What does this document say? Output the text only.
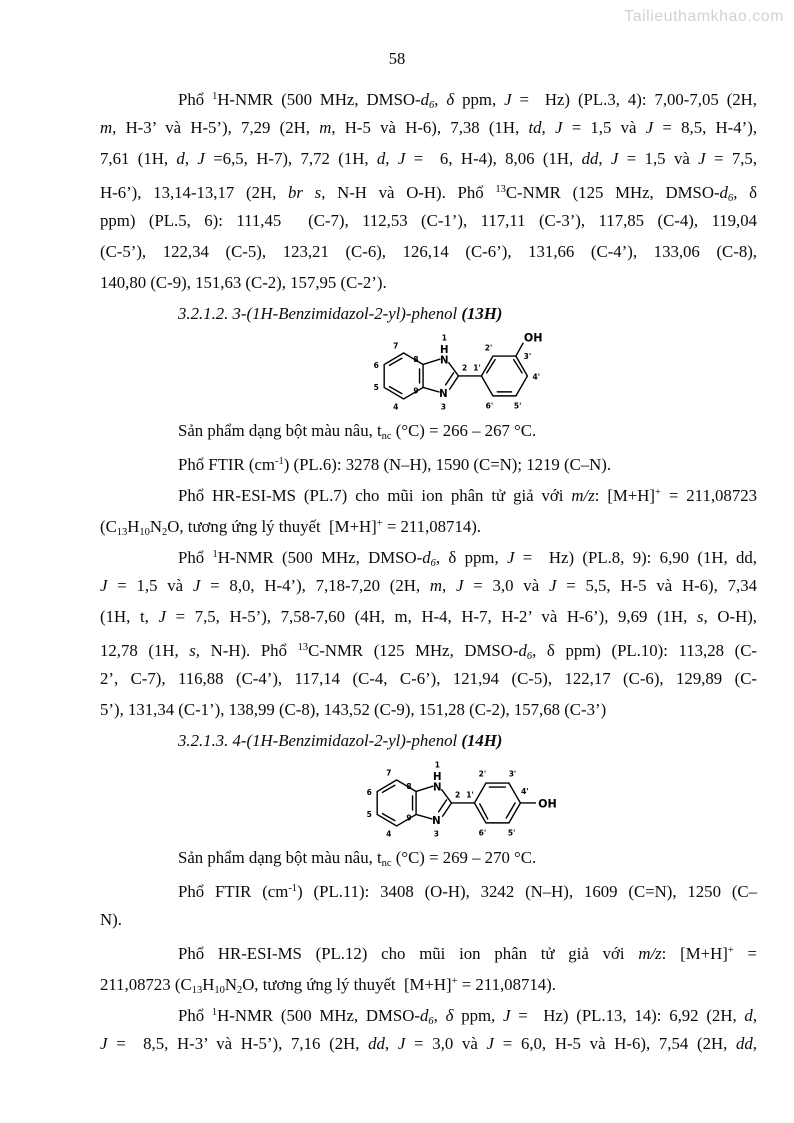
Tailieuthamkhao.com
58
Phổ $^1$H-NMR (500 MHz, DMSO-d6, δ ppm, J =  Hz) (PL.3, 4): 7,00-7,05 (2H,
m, H-3’ và H-5’), 7,29 (2H, m, H-5 và H-6), 7,38 (1H, td, J = 1,5 và J = 8,5, H-4’),
7,61 (1H, d, J =6,5, H-7), 7,72 (1H, d, J =  6, H-4), 8,06 (1H, dd, J = 1,5 và J = 7,5,
H-6’), 13,14-13,17 (2H, br s, N-H và O-H). Phổ $^{13}$C-NMR (125 MHz, DMSO-d6, δ
ppm) (PL.5, 6): 111,45  (C-7), 112,53 (C-1’), 117,11 (C-3’), 117,85 (C-4), 119,04
(C-5’), 122,34 (C-5), 123,21 (C-6), 126,14 (C-6’), 131,66 (C-4’), 133,06 (C-8),
140,80 (C-9), 151,63 (C-2), 157,95 (C-2’).
3.2.1.2. 3-(1H-Benzimidazol-2-yl)-phenol (13H)
1
H
N
N
3
7
8
6
5
4
9
2 1'
2'
3'
4'
5'
6'
OH
Sản phẩm dạng bột màu nâu, $t_{nc}$ (°C) = 266 – 267 °C.
Phổ FTIR $(cm^{-1})$ (PL.6): 3278 (N–H), 1590 (C=N); 1219 (C–N).
Phổ HR-ESI-MS (PL.7) cho mũi ion phân tử giả với m/z: [M+H]+ = 211,08723
($C_{13}H_{10}N_2O$, tương ứng lý thuyết  [M+H]+ = 211,08714).
Phổ $^1$H-NMR (500 MHz, DMSO-d6, δ ppm, J =  Hz) (PL.8, 9): 6,90 (1H, dd,
J = 1,5 và J = 8,0, H-4’), 7,18-7,20 (2H, m, J = 3,0 và J = 5,5, H-5 và H-6), 7,34
(1H, t, J = 7,5, H-5’), 7,58-7,60 (4H, m, H-4, H-7, H-2’ và H-6’), 9,69 (1H, s, O-H),
12,78 (1H, s, N-H). Phổ $^{13}$C-NMR (125 MHz, DMSO-d6, δ ppm) (PL.10): 113,28 (C-
2’, C-7), 116,88 (C-4’), 117,14 (C-4, C-6’), 121,94 (C-5), 122,17 (C-6), 129,89 (C-
5’), 131,34 (C-1’), 138,99 (C-8), 143,52 (C-9), 151,28 (C-2), 157,68 (C-3’)
3.2.1.3. 4-(1H-Benzimidazol-2-yl)-phenol (14H)
1
H
N
N
3
7
8
6
5
4
9
2 1'
2'	3'
4'
5'
6'
OH
Sản phẩm dạng bột màu nâu, $t_{nc}$ (°C) = 269 – 270 °C.
Phổ FTIR $(cm^{-1})$ (PL.11): 3408 (O-H), 3242 (N–H), 1609 (C=N), 1250 (C–
N).
Phổ HR-ESI-MS (PL.12) cho mũi ion phân tử giả với m/z: [M+H]+ =
211,08723 ($C_{13}H_{10}N_2O$, tương ứng lý thuyết  [M+H]+ = 211,08714).
Phổ $^1$H-NMR (500 MHz, DMSO-d6, δ ppm, J =  Hz) (PL.13, 14): 6,92 (2H, d,
J =  8,5, H-3’ và H-5’), 7,16 (2H, dd, J = 3,0 và J = 6,0, H-5 và H-6), 7,54 (2H, dd,
